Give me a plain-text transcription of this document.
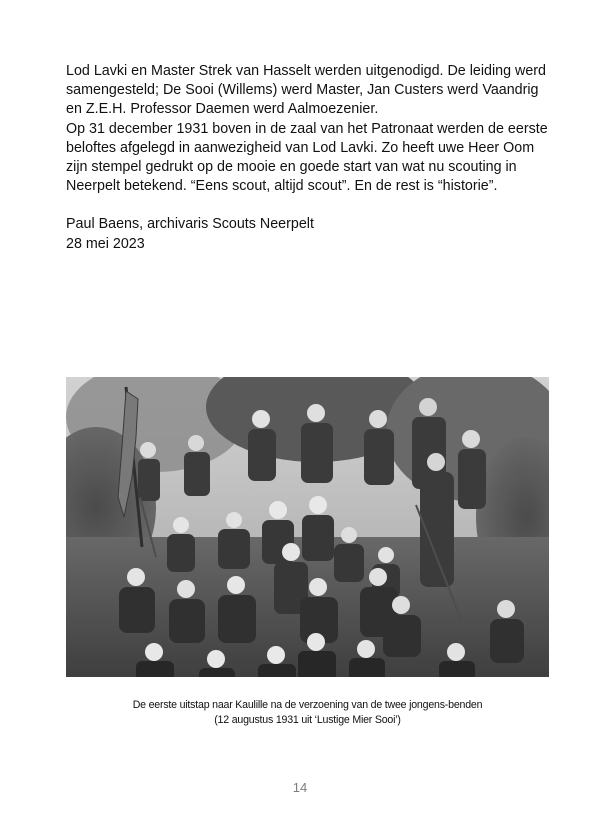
Lod Lavki en Master Strek van Hasselt werden uitgenodigd. De leiding werd samengesteld; De Sooi (Willems) werd Master, Jan Custers werd Vaandrig en Z.E.H. Professor Daemen werd Aalmoezenier.

Op 31 december 1931 boven in de zaal van het Patronaat werden de eerste beloftes afgelegd in aanwezigheid van Lod Lavki. Zo heeft uwe Heer Oom zijn stempel gedrukt op de mooie en goede start van wat nu scouting in Neerpelt betekend. “Eens scout, altijd scout”. En de rest is “historie”.

Paul Baens, archivaris Scouts Neerpelt

28 mei 2023

De eerste uitstap naar Kaulille na de verzoening van de twee jongens-benden
(12 augustus 1931 uit ‘Lustige Mier Sooi’)
14
